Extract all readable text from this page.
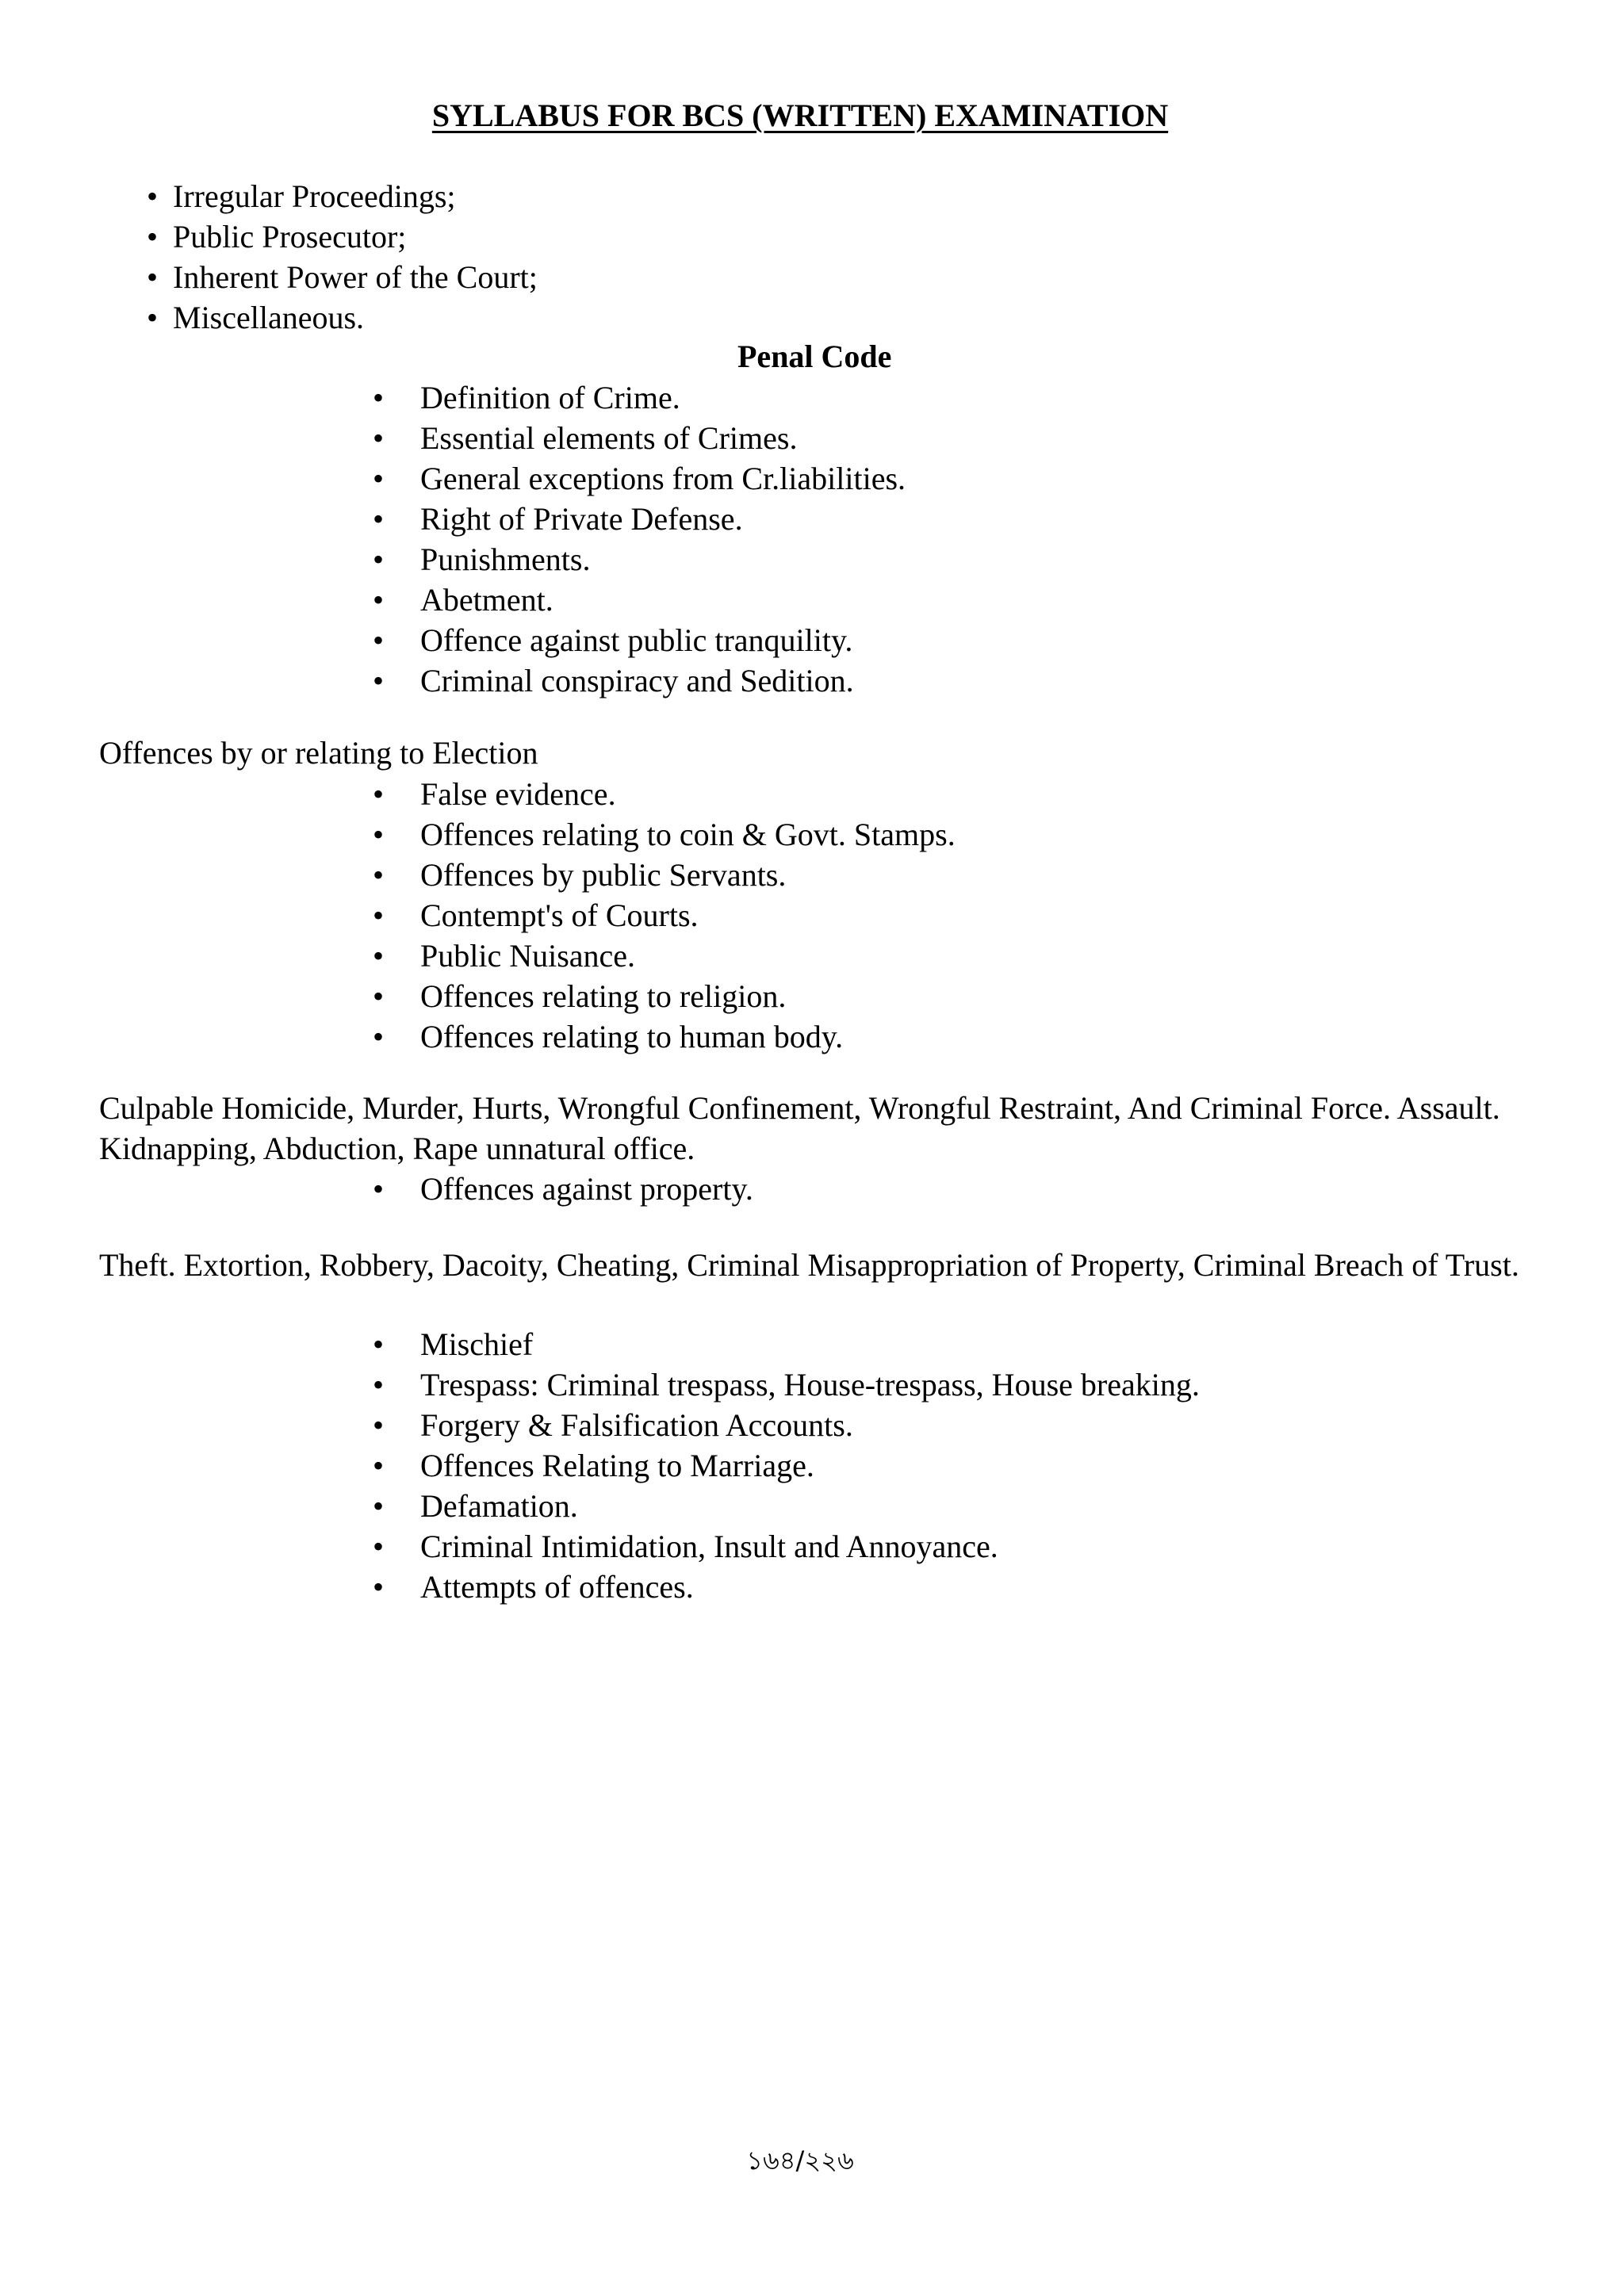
SYLLABUS FOR BCS (WRITTEN) EXAMINATION
• Irregular Proceedings;
• Public Prosecutor;
• Inherent Power of the Court;
• Miscellaneous.
Penal Code
• Definition of Crime.
• Essential elements of Crimes.
• General exceptions from Cr.liabilities.
• Right of Private Defense.
• Punishments.
• Abetment.
• Offence against public tranquility.
• Criminal conspiracy and Sedition.

Offences by or relating to Election

• False evidence.
• Offences relating to coin & Govt. Stamps.
• Offences by public Servants.
• Contempt's of Courts.
• Public Nuisance.
• Offences relating to religion.
• Offences relating to human body.

Culpable Homicide, Murder, Hurts, Wrongful Confinement, Wrongful Restraint, And Criminal Force. Assault. Kidnapping, Abduction, Rape unnatural office.

• Offences against property.

Theft. Extortion, Robbery, Dacoity, Cheating, Criminal Misappropriation of Property, Criminal Breach of Trust.

• Mischief
• Trespass: Criminal trespass, House-trespass, House breaking.
• Forgery & Falsification Accounts.
• Offences Relating to Marriage.
• Defamation.
• Criminal Intimidation, Insult and Annoyance.
• Attempts of offences.
১৬৪/২২৬
